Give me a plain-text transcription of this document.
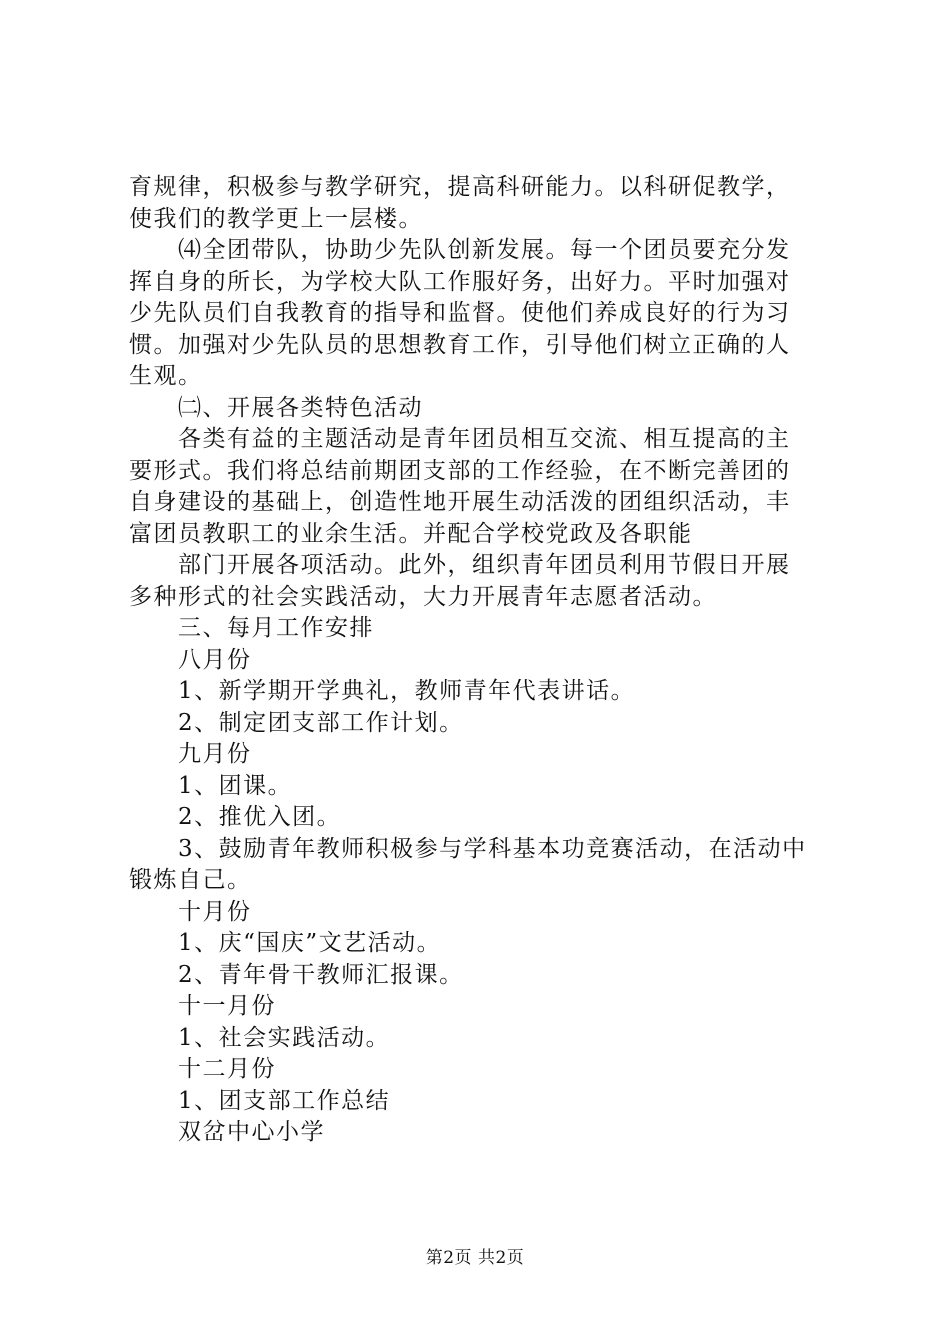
育规律，积极参与教学研究，提高科研能力。以科研促教学，

使我们的教学更上一层楼。

　　⑷全团带队，协助少先队创新发展。每一个团员要充分发

挥自身的所长，为学校大队工作服好务，出好力。平时加强对

少先队员们自我教育的指导和监督。使他们养成良好的行为习

惯。加强对少先队员的思想教育工作，引导他们树立正确的人

生观。

　　㈡、开展各类特色活动

　　各类有益的主题活动是青年团员相互交流、相互提高的主

要形式。我们将总结前期团支部的工作经验，在不断完善团的

自身建设的基础上，创造性地开展生动活泼的团组织活动，丰

富团员教职工的业余生活。并配合学校党政及各职能

　　部门开展各项活动。此外，组织青年团员利用节假日开展

多种形式的社会实践活动，大力开展青年志愿者活动。

　　三、每月工作安排

　　八月份

　　1、新学期开学典礼，教师青年代表讲话。

　　2、制定团支部工作计划。

　　九月份

　　1、团课。

　　2、推优入团。

　　3、鼓励青年教师积极参与学科基本功竞赛活动，在活动中

锻炼自己。

　　十月份

　　1、庆“国庆”文艺活动。

　　2、青年骨干教师汇报课。

　　十一月份

　　1、社会实践活动。

　　十二月份

　　1、团支部工作总结

　　双岔中心小学

第2页 共2页
